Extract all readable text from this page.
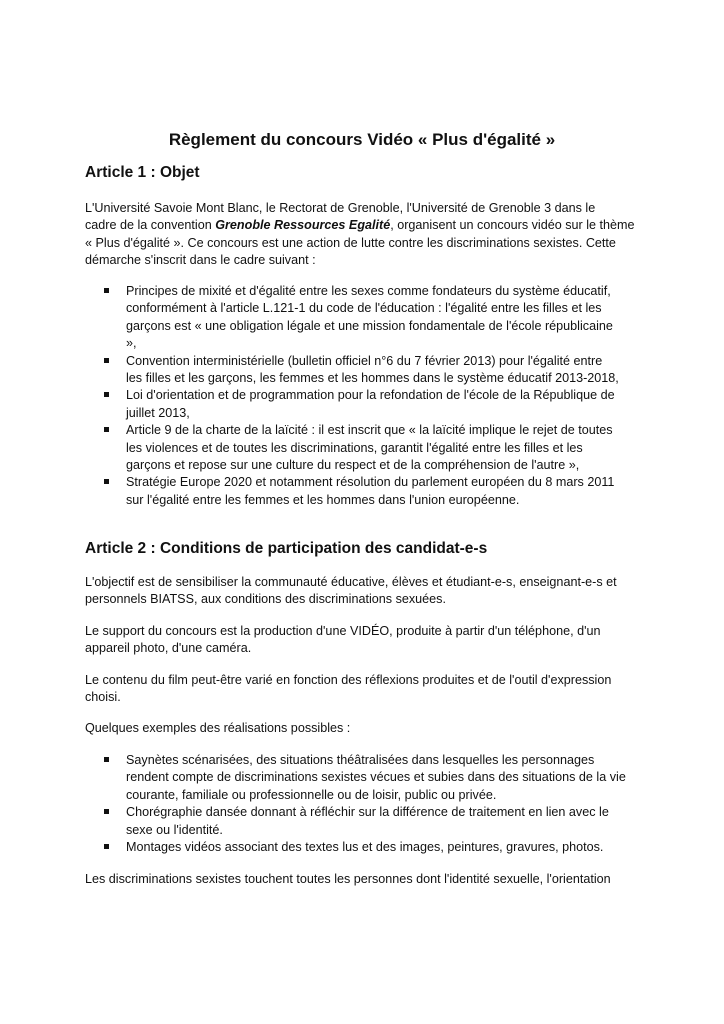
Règlement du concours Vidéo « Plus d'égalité »
Article 1 : Objet

L'Université Savoie Mont Blanc, le Rectorat de Grenoble, l'Université de Grenoble 3 dans le
cadre de la convention Grenoble Ressources Egalité, organisent un concours vidéo sur le thème
« Plus d'égalité ». Ce concours est une action de lutte contre les discriminations sexistes. Cette
démarche s'inscrit dans le cadre suivant :

Principes de mixité et d'égalité entre les sexes comme fondateurs du système éducatif,
conformément à l'article L.121-1 du code de l'éducation : l'égalité entre les filles et les
garçons est « une obligation légale et une mission fondamentale de l'école républicaine
»,
Convention interministérielle (bulletin officiel n°6 du 7 février 2013) pour l'égalité entre
les filles et les garçons, les femmes et les hommes dans le système éducatif 2013-2018,
Loi d'orientation et de programmation pour la refondation de l'école de la République de
juillet 2013,
Article 9 de la charte de la laïcité : il est inscrit que « la laïcité implique le rejet de toutes
les violences et de toutes les discriminations, garantit l'égalité entre les filles et les
garçons et repose sur une culture du respect et de la compréhension de l'autre »,
Stratégie Europe 2020 et notamment résolution du parlement européen du 8 mars 2011
sur l'égalité entre les femmes et les hommes dans l'union européenne.
Article 2 : Conditions de participation des candidat-e-s

L'objectif est de sensibiliser la communauté éducative, élèves et étudiant-e-s, enseignant-e-s et
personnels BIATSS, aux conditions des discriminations sexuées.

Le support du concours est la production d'une VIDÉO, produite à partir d'un téléphone, d'un
appareil photo, d'une caméra.

Le contenu du film peut-être varié en fonction des réflexions produites et de l'outil d'expression
choisi.

Quelques exemples des réalisations possibles :

Saynètes scénarisées, des situations théâtralisées dans lesquelles les personnages
rendent compte de discriminations sexistes vécues et subies dans des situations de la vie
courante, familiale ou professionnelle ou de loisir, public ou privée.
Chorégraphie dansée donnant à réfléchir sur la différence de traitement en lien avec le
sexe ou l'identité.
Montages vidéos associant des textes lus et des images, peintures, gravures, photos.

Les discriminations sexistes touchent toutes les personnes dont l'identité sexuelle, l'orientation
